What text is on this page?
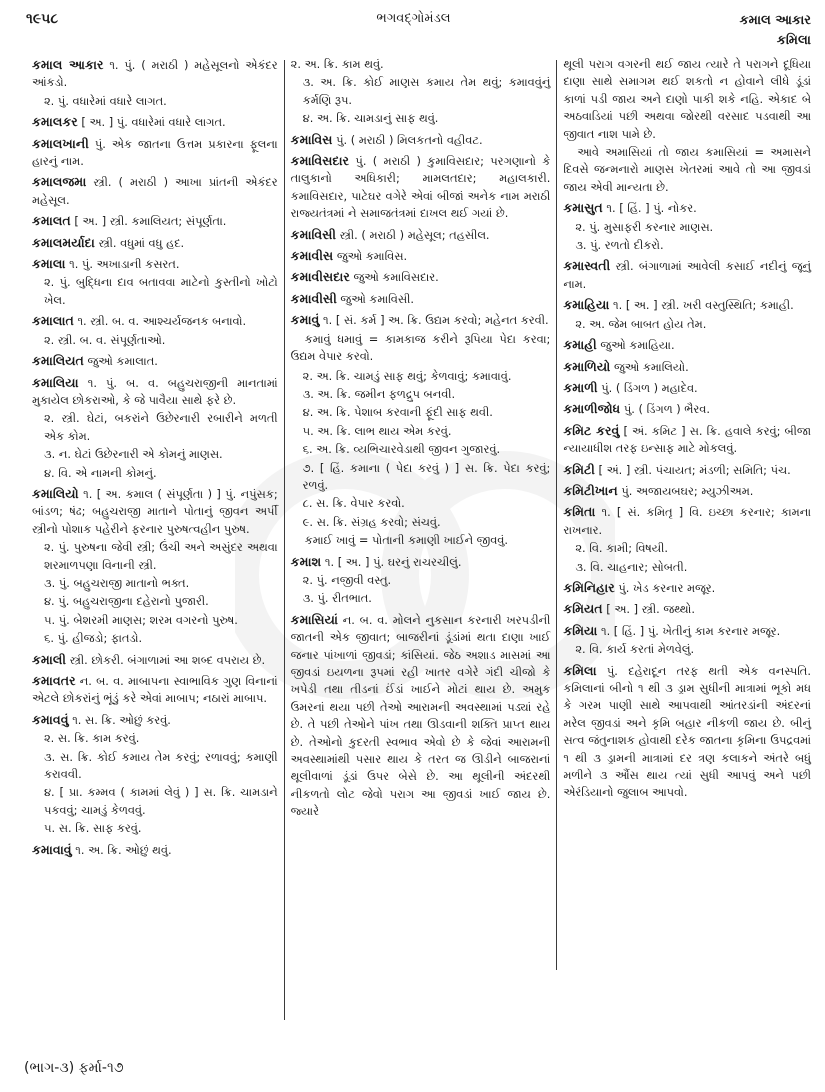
૧૯૫૮	ભગવદ્ગોમંડલ	કમાલ આકાર
કમિલા
કમાલ આકાર ૧. પું. ( મરાઠી ) મહેસૂલનો એકંદર આંકડો.
૨. પું. વધારેમાં વધારે લાગત.
કમાલકર [ અ. ] પું. વધારેમાં વધારે લાગત.
કમાલખાની પું. એક જાતના ઉત્તમ પ્રકારના ફૂલના હારનું નામ.
કમાલજમા સ્ત્રી. ( મરાઠી ) આખા પ્રાંતની એકંદર મહેસૂલ.
કમાલત [ અ. ] સ્ત્રી. કમાલિયત; સંપૂર્ણતા.
કમાલમર્યાદા સ્ત્રી. વધુમાં વધુ હદ.
કમાલા ૧. પું. અખાડાની કસરત.
૨. પું. બુદ્ધિના દાવ બતાવવા માટેનો કુસ્તીનો ખોટો ખેલ.
કમાલાત ૧. સ્ત્રી. બ. વ. આશ્ચર્યજનક બનાવો.
૨. સ્ત્રી. બ. વ. સંપૂર્ણતાઓ.
કમાલિયત જુઓ કમાલાત.
કમાલિયા ૧. પું. બ. વ. બહુચરાજીની માનતામાં મુકાયેલ છોકરાઓ, કે જે પાવૈયા સાથે ફરે છે.
૨. સ્ત્રી. ઘેટાં, બકરાંને ઉછેરનારી રબારીને મળતી એક કોમ.
૩. ન. ઘેટાં ઉછેરનારી એ કોમનું માણસ.
૪. વિ. એ નામની કોમનું.
કમાલિયો ૧. [ અ. કમાલ ( સંપૂર્ણતા ) ] પું. નપુંસક; બાંડળ; ષંઢ; બહુચરાજી માતાને પોતાનું જીવન અર્પી સ્ત્રીનો પોશાક પહેરીને ફરનાર પુરુષત્વહીન પુરુષ.
૨. પું. પુરુષના જેવી સ્ત્રી; ઉંચી અને અસુંદર અથવા શરમાળપણા વિનાની સ્ત્રી.
૩. પું. બહુચરાજી માતાનો ભક્ત.
૪. પું. બહુચરાજીના દહેરાનો પુજારી.
૫. પું. બેશરમી માણસ; શરમ વગરનો પુરુષ.
૬. પું. હીજડો; ફાતડો.
કમાલી સ્ત્રી. છોકરી. બંગાળામાં આ શબ્દ વપરાય છે.
કમાવતર ન. બ. વ. માબાપના સ્વાભાવિક ગુણ વિનાનાં એટલે છોકરાંનું ભૂંડું કરે એવાં માબાપ; નઠારાં માબાપ.
કમાવવું ૧. સ. ક્રિ. ઓછું કરવું.
૨. સ. ક્રિ. કામ કરવું.
૩. સ. ક્રિ. કોઈ કમાય તેમ કરવું; રળાવવું; કમાણી કરાવવી.
૪. [ પ્રા. કમ્મવ ( કામમાં લેવું ) ] સ. ક્રિ. ચામડાને પકવવું; ચામડું કેળવવું.
૫. સ. ક્રિ. સાફ કરવું.
કમાવાવું ૧. અ. ક્રિ. ઓછું થવું.
૨. અ. ક્રિ. કામ થવું.
૩. અ. ક્રિ. કોઈ માણસ કમાય તેમ થવું; કમાવવુંનું કર્મણિ રૂપ.
૪. અ. ક્રિ. ચામડાનું સાફ થવું.
કમાવિસ પું. ( મરાઠી ) મિલકતનો વહીવટ.
કમાવિસદાર પું. ( મરાઠી ) કુમાવિસદાર; પરગણાનો કે તાલુકાનો અધિકારી; મામલતદાર; મહાલકારી. કમાવિસદાર, પાટેઘર વગેરે એવાં બીજાં અનેક નામ મરાઠી રાજ્યતંત્રમાં ને સમાજતંત્રમાં દાખલ થઈ ગયાં છે.
કમાવિસી સ્ત્રી. ( મરાઠી ) મહેસૂલ; તહસીલ.
કમાવીસ જુઓ કમાવિસ.
કમાવીસદાર જુઓ કમાવિસદાર.
કમાવીસી જુઓ કમાવિસી.
કમાવું ૧. [ સં. કર્મ ] અ. ક્રિ. ઉદ્યમ કરવો; મહેનત કરવી.
કમાવું ધમાવું = કામકાજ કરીને રૂપિયા પેદા કરવા; ઉદ્યમ વેપાર કરવો.
૨. અ. ક્રિ. ચામડું સાફ થવું; કેળવાવું; કમાવાવું.
૩. અ. ક્રિ. જમીન ફળદ્રુપ બનવી.
૪. અ. ક્રિ. પેશાબ કરવાની ફૂંદી સાફ થવી.
૫. અ. ક્રિ. લાભ થાય એમ કરવું.
૬. અ. ક્રિ. વ્યભિચારવેડાથી જીવન ગુજારવું.
૭. [ હિં. કમાના ( પેદા કરવું ) ] સ. ક્રિ. પેદા કરવું; રળવું.
૮. સ. ક્રિ. વેપાર કરવો.
૯. સ. ક્રિ. સંગ્રહ કરવો; સંચવું.
કમાઈ ખાવું = પોતાની કમાણી ખાઈને જીવવું.
કમાશ ૧. [ અ. ] પું. ઘરનું રાચરચીલું.
૨. પું. નજીવી વસ્તુ.
૩. પું. રીતભાત.
કમાસિયાં ન. બ. વ. મોલને નુકસાન કરનારી ખરપડીની જાતની એક જીવાત; બાજરીનાં ડૂંડાંમાં થતા દાણા ખાઈ જનાર પાંખાળાં જીવડાં; કાંસિયાં. જેઠ અશાડ માસમાં આ જીવડાં ઇયળના રૂપમાં રહી ખાતર વગેરે ગંદી ચીજો કે ખપેડી તથા તીડનાં ઈંડાં ખાઈને મોટાં થાય છે. અમુક ઉમરનાં થયા પછી તેઓ આરામની અવસ્થામાં પડ્યાં રહે છે. તે પછી તેઓને પાંખ તથા ઊડવાની શક્તિ પ્રાપ્ત થાય છે. તેઓનો કુદરતી સ્વભાવ એવો છે કે જેવાં આરામની અવસ્થામાંથી પસાર થાય કે તરત જ ઊડીને બાજરાનાં થૂલીવાળાં ડૂંડાં ઉપર બેસે છે. આ થૂલીની અંદરથી નીકળતો લોટ જેવો પરાગ આ જીવડાં ખાઈ જાય છે. જ્યારે
થૂલી પરાગ વગરની થઈ જાય ત્યારે તે પરાગને દૂધિયા દાણા સાથે સમાગમ થઈ શકતો ન હોવાને લીધે ડૂંડાં કાળાં પડી જાય અને દાણો પાકી શકે નહિ. એકાદ બે અઠવાડિયાં પછી અથવા જોરથી વરસાદ પડવાથી આ જીવાત નાશ પામે છે.
આવે અમાસિયાં તો જાય કમાસિયાં = અમાસને દિવસે જન્મનારો માણસ ખેતરમાં આવે તો આ જીવડાં જાય એવી માન્યતા છે.
કમાસુત ૧. [ હિં. ] પું. નોકર.
૨. પું. મુસાફરી કરનાર માણસ.
૩. પું. રળતો દીકરો.
કમાસ્વતી સ્ત્રી. બંગાળામાં આવેલી કસાઈ નદીનું જૂનું નામ.
કમાહિયા ૧. [ અ. ] સ્ત્રી. ખરી વસ્તુસ્થિતિ; કમાહી.
૨. અ. જેમ બાબત હોય તેમ.
કમાહી જુઓ કમાહિયા.
કમાળિયો જુઓ કમાલિયો.
કમાળી પું. ( ડિંગળ ) મહાદેવ.
કમાળીજોધ પું. ( ડિંગળ ) ભૈરવ.
કમિટ કરવું [ અં. કમિટ ] સ. ક્રિ. હવાલે કરવું; બીજા ન્યાયાધીશ તરફ ઇન્સાફ માટે મોકલવું.
કમિટી [ અં. ] સ્ત્રી. પંચાયત; મંડળી; સમિતિ; પંચ.
કમિટીખાન પું. અજાયબઘર; મ્યુઝીઅમ.
કમિતા ૧. [ સં. કમિતૃ ] વિ. ઇચ્છા કરનાર; કામના રાખનાર.
૨. વિ. કામી; વિષયી.
૩. વિ. ચાહનાર; સોબતી.
કમિનિહાર પું. ખેડ કરનાર મજૂર.
કમિયત [ અ. ] સ્ત્રી. જથ્થો.
કમિયા ૧. [ હિં. ] પું. ખેતીનું કામ કરનાર મજૂર.
૨. વિ. કાર્ય કરતાં મેળવેલું.
કમિલા પું. દહેરાદૂન તરફ થતી એક વનસ્પતિ. કમિલાનાં બીનો ૧ થી ૩ ડ્રામ સુધીની માત્રામાં ભૂકો મધ કે ગરમ પાણી સાથે આપવાથી આંતરડાંની અંદરનાં મરેલ જીવડાં અને કૃમિ બહાર નીકળી જાય છે. બીનું સત્વ જંતુનાશક હોવાથી દરેક જાતના કૃમિના ઉપદ્રવમાં ૧ થી ૩ ડ્રામની માત્રામાં દર ત્રણ કલાકને અંતરે બધું મળીને ૩ ઔંસ થાય ત્યાં સુધી આપવું અને પછી એરંડિયાનો જુલાબ આપવો.
(ભાગ-૩) ફર્મા-૧૭
